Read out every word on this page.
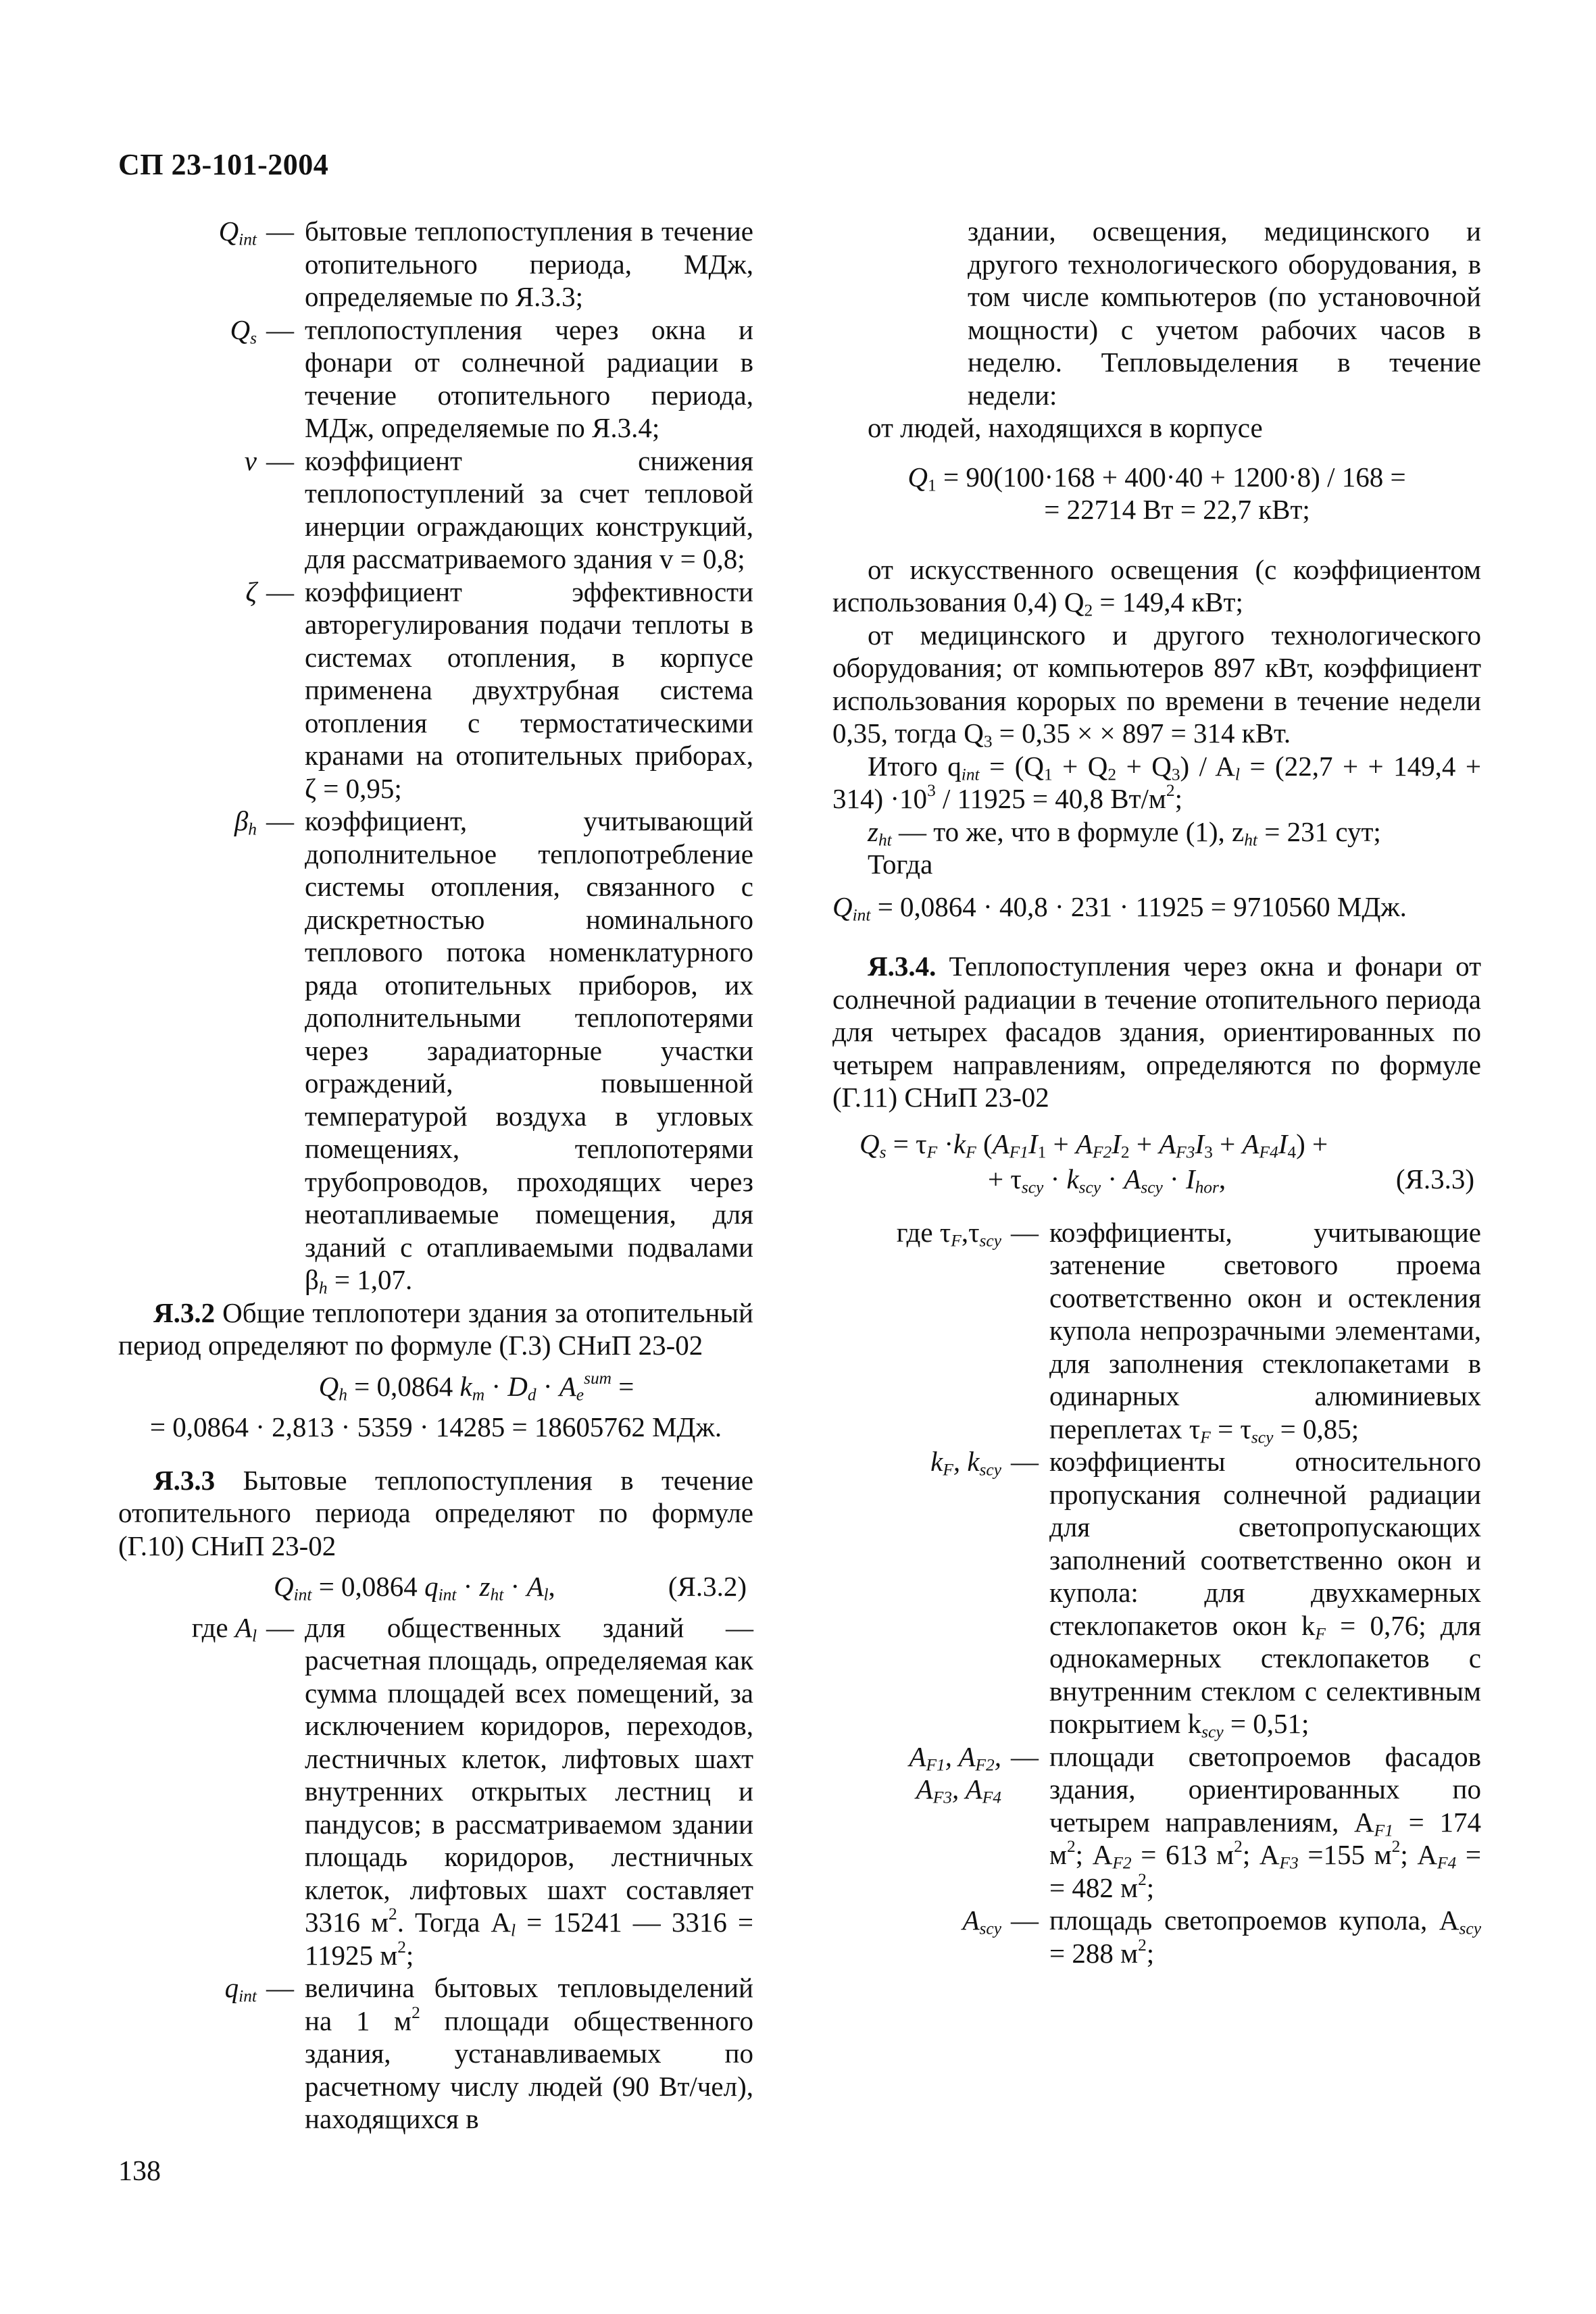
СП 23-101-2004
$Q_{int}$ — бытовые теплопоступления в течение отопительного периода, МДж, определяемые по Я.3.3;
$Q_s$ — теплопоступления через окна и фонари от солнечной радиации в течение отопительного периода, МДж, определяемые по Я.3.4;
v — коэффициент снижения теплопоступлений за счет тепловой инерции ограждающих конструкций, для рассматриваемого здания v = 0,8;
ζ — коэффициент эффективности авторегулирования подачи теплоты в системах отопления, в корпусе применена двухтрубная система отопления с термостатическими кранами на отопительных приборах, ζ = 0,95;
$\beta_h$ — коэффициент, учитывающий дополнительное теплопотребление системы отопления, связанного с дискретностью номинального теплового потока номенклатурного ряда отопительных приборов, их дополнительными теплопотерями через зарадиаторные участки ограждений, повышенной температурой воздуха в угловых помещениях, теплопотерями трубопроводов, проходящих через неотапливаемые помещения, для зданий с отапливаемыми подвалами $\beta_h = 1,07$.

Я.3.2 Общие теплопотери здания за отопительный период определяют по формуле (Г.3) СНиП 23-02

$Q_h = 0,0864$ $k_m \cdot D_d \cdot A_e^{sum}$ =
= 0,0864 · 2,813 · 5359 · 14285 = 18605762 МДж.

Я.3.3 Бытовые теплопоступления в течение отопительного периода определяют по формуле (Г.10) СНиП 23-02

$Q_{int} = 0,0864$ $q_{int} \cdot z_{ht} \cdot A_l$,	(Я.3.2)
где $A_l$ — для общественных зданий — расчетная площадь, определяемая как сумма площадей всех помещений, за исключением коридоров, переходов, лестничных клеток, лифтовых шахт внутренних открытых лестниц и пандусов; в рассматриваемом здании площадь коридоров, лестничных клеток, лифтовых шахт составляет 3316 $м^2$. Тогда $A_l = 15241$ — 3316 = 11925 $м^2$;
$q_{int}$ — величина бытовых тепловыделений на 1 $м^2$ площади общественного здания, устанавливаемых по расчетному числу людей (90 Вт/чел), находящихся в

здании, освещения, медицинского и другого технологического оборудования, в том числе компьютеров (по установочной мощности) с учетом рабочих часов в неделю. Тепловыделения в течение недели:

от людей, находящихся в корпусе

$Q_1 = 90(100\cdot 168 + 400\cdot 40 + 1200\cdot 8) / 168$ =
= 22714 Вт = 22,7 кВт;

от искусственного освещения (с коэффициентом использования 0,4) $Q_2 = 149,4$ кВт;

от медицинского и другого технологического оборудования; от компьютеров 897 кВт, коэффициент использования корорых по времени в течение недели 0,35, тогда $Q_3 = 0,35$ × × 897 = 314 кВт.

Итого $q_{int} = (Q_1 + Q_2 + Q_3) / A_l = (22,7$ + + $149,4 + 314) \cdot 10^3 / 11925 = 40,8$ $Вт/м^2$;

$z_{ht}$ — то же, что в формуле (1), $z_{ht} = 231$ сут;

Тогда

$Q_{int} = 0,0864 \cdot 40,8 \cdot 231 \cdot 11925 = 9710560$ МДж.

Я.3.4. Теплопоступления через окна и фонари от солнечной радиации в течение отопительного периода для четырех фасадов здания, ориентированных по четырем направлениям, определяются по формуле (Г.11) СНиП 23-02

$Q_s = \tau_F \cdot k_F$ $(A_{F1}I_1 + A_{F2}I_2 + A_{F3}I_3 + A_{F4}I_4)$ +
+ $\tau_{scy} \cdot k_{scy} \cdot A_{scy} \cdot I_{hor}$,	(Я.3.3)
где $\tau_F,\tau_{scy}$ — коэффициенты, учитывающие затенение светового проема соответственно окон и остекления купола непрозрачными элементами, для заполнения стеклопакетами в одинарных алюминиевых переплетах $\tau_F = \tau_{scy} = 0,85$;
$k_F$, $k_{scy}$ — коэффициенты относительного пропускания солнечной радиации для светопропускающих заполнений соответственно окон и купола: для двухкамерных стеклопакетов окон $k_F = 0,76$; для однокамерных стеклопакетов с внутренним стеклом с селективным покрытием $k_{scy} = 0,51$;
$A_{F1}$, $A_{F2}$,
$A_{F3}$, $A_{F4}$
— площади светопроемов фасадов здания, ориентированных по четырем направлениям, $A_{F1} = 174$ $м^2$; $A_{F2} = 613$ $м^2$; $A_{F3} =155$ $м^2$; $A_{F4}$ = = 482 $м^2$;
$A_{scy}$ — площадь светопроемов купола, $A_{scy} = 288$ $м^2$;
138
